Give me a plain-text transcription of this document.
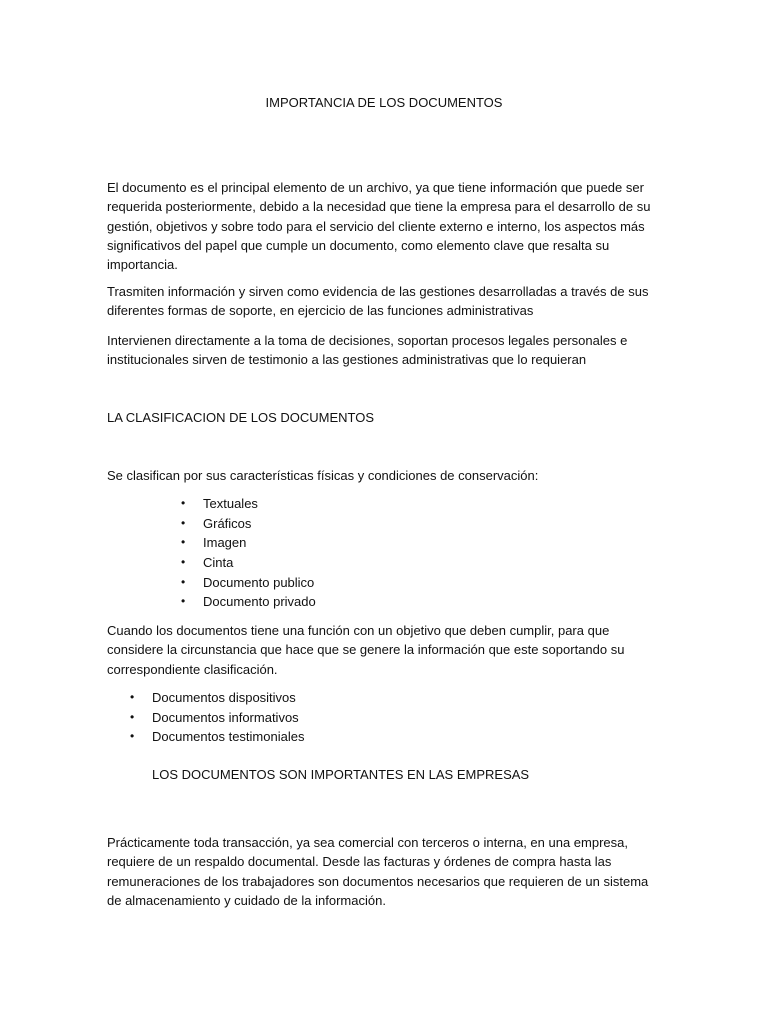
IMPORTANCIA DE LOS DOCUMENTOS

El documento es el principal elemento de un archivo, ya que tiene información que puede ser requerida posteriormente, debido a la necesidad que tiene la empresa para el desarrollo de su gestión, objetivos y sobre todo para el servicio del cliente externo e interno, los aspectos más significativos del papel que cumple un documento, como elemento clave que resalta su importancia.

Trasmiten información y sirven como evidencia de las gestiones desarrolladas a través de sus diferentes formas de soporte, en ejercicio de las funciones administrativas

Intervienen directamente a la toma de decisiones, soportan procesos legales personales e institucionales sirven de testimonio a las gestiones administrativas que lo requieran

LA CLASIFICACION DE LOS DOCUMENTOS
Se clasifican por sus características físicas y condiciones de conservación:
• Textuales
• Gráficos
• Imagen
• Cinta
• Documento publico
• Documento privado

Cuando los documentos tiene una función con un objetivo que deben cumplir, para que considere la circunstancia que hace que se genere la información que este soportando su correspondiente clasificación.

• Documentos dispositivos
• Documentos informativos
• Documentos testimoniales
LOS DOCUMENTOS SON IMPORTANTES EN LAS EMPRESAS

Prácticamente toda transacción, ya sea comercial con terceros o interna, en una empresa, requiere de un respaldo documental. Desde las facturas y órdenes de compra hasta las remuneraciones de los trabajadores son documentos necesarios que requieren de un sistema de almacenamiento y cuidado de la información.
